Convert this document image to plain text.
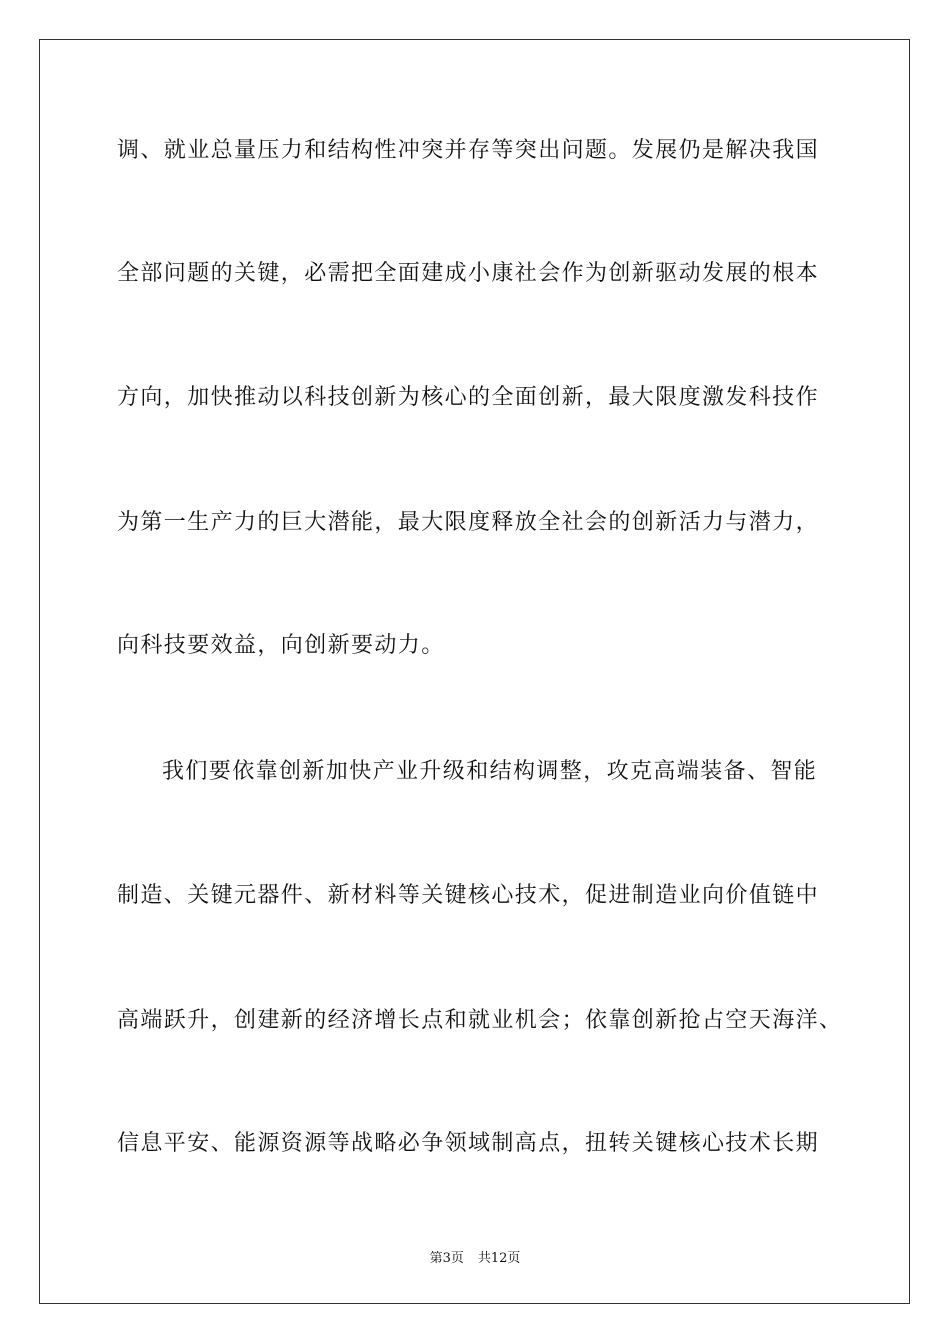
调、就业总量压力和结构性冲突并存等突出问题。发展仍是解决我国
全部问题的关键，必需把全面建成小康社会作为创新驱动发展的根本
方向，加快推动以科技创新为核心的全面创新，最大限度激发科技作
为第一生产力的巨大潜能，最大限度释放全社会的创新活力与潜力，
向科技要效益，向创新要动力。
我们要依靠创新加快产业升级和结构调整，攻克高端装备、智能
制造、关键元器件、新材料等关键核心技术，促进制造业向价值链中
高端跃升，创建新的经济增长点和就业机会；依靠创新抢占空天海洋、
信息平安、能源资源等战略必争领域制高点，扭转关键核心技术长期
第3页 共12页
